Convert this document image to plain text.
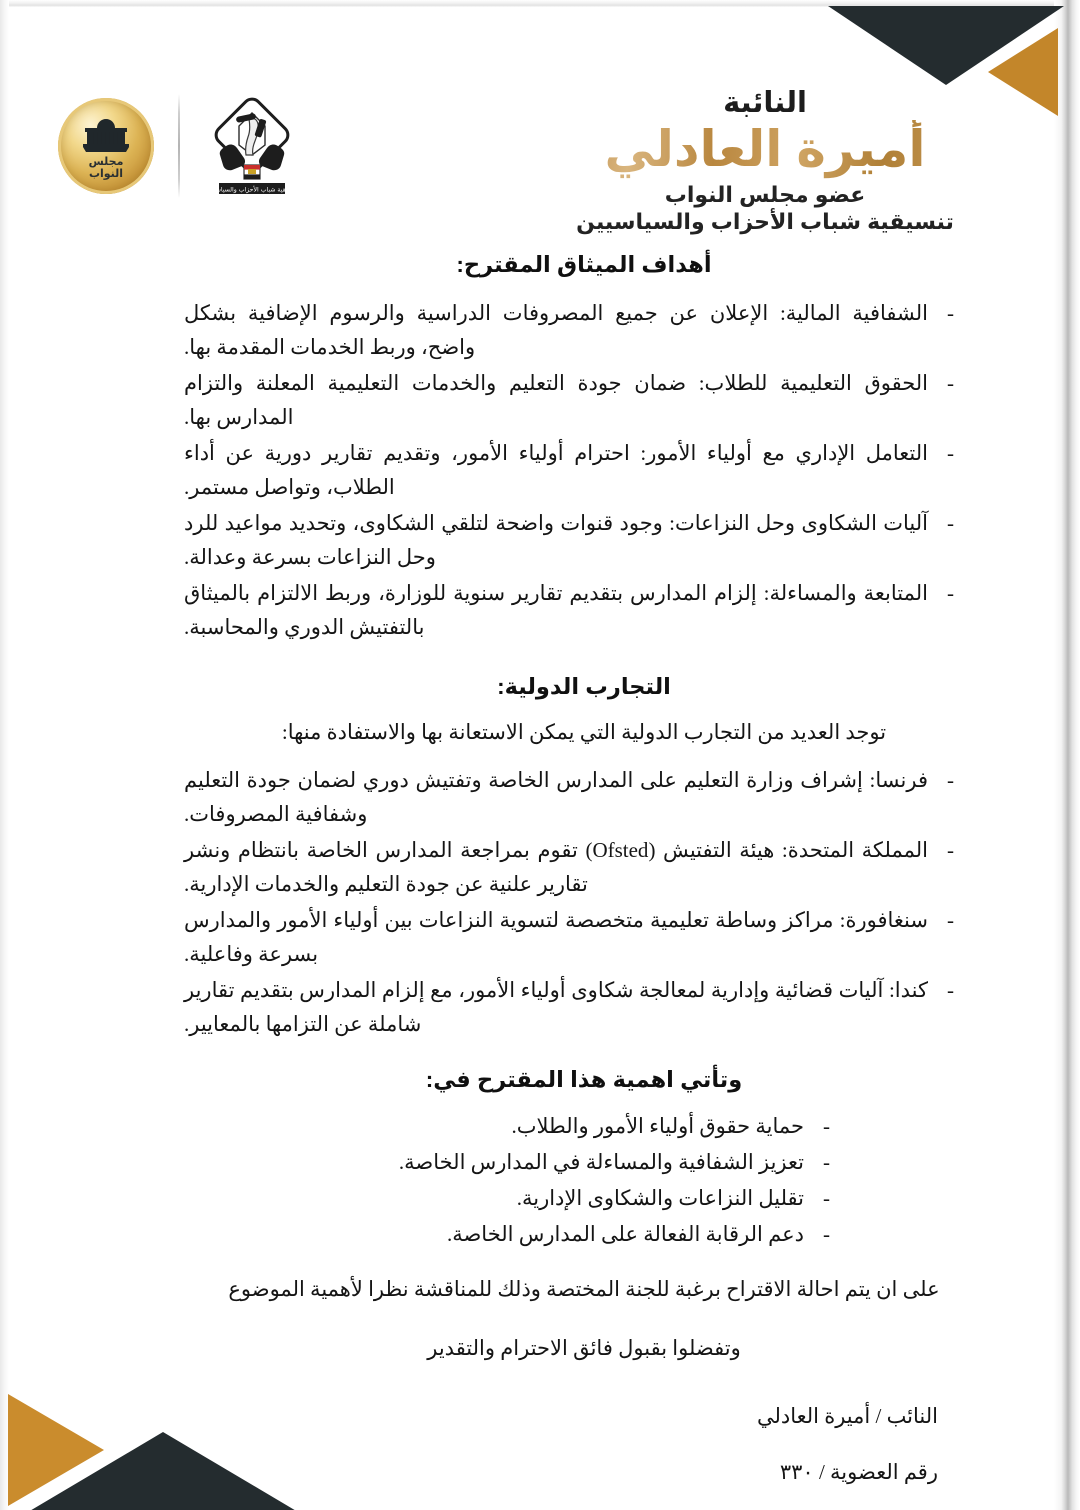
مجلس
النواب
تنسيقية شباب الأحزاب والسياسيين
النائبة
أميرة العادلي
عضو مجلس النواب
تنسيقية شباب الأحزاب والسياسيين
أهداف الميثاق المقترح:
- الشفافية المالية: الإعلان عن جميع المصروفات الدراسية والرسوم الإضافية بشكل واضح، وربط الخدمات المقدمة بها.
- الحقوق التعليمية للطلاب: ضمان جودة التعليم والخدمات التعليمية المعلنة والتزام المدارس بها.
- التعامل الإداري مع أولياء الأمور: احترام أولياء الأمور، وتقديم تقارير دورية عن أداء الطلاب، وتواصل مستمر.
- آليات الشكاوى وحل النزاعات: وجود قنوات واضحة لتلقي الشكاوى، وتحديد مواعيد للرد وحل النزاعات بسرعة وعدالة.
- المتابعة والمساءلة: إلزام المدارس بتقديم تقارير سنوية للوزارة، وربط الالتزام بالميثاق بالتفتيش الدوري والمحاسبة.
التجارب الدولية:

توجد العديد من التجارب الدولية التي يمكن الاستعانة بها والاستفادة منها:

- فرنسا: إشراف وزارة التعليم على المدارس الخاصة وتفتيش دوري لضمان جودة التعليم وشفافية المصروفات.
- المملكة المتحدة: هيئة التفتيش (Ofsted) تقوم بمراجعة المدارس الخاصة بانتظام ونشر تقارير علنية عن جودة التعليم والخدمات الإدارية.
- سنغافورة: مراكز وساطة تعليمية متخصصة لتسوية النزاعات بين أولياء الأمور والمدارس بسرعة وفاعلية.
- كندا: آليات قضائية وإدارية لمعالجة شكاوى أولياء الأمور، مع إلزام المدارس بتقديم تقارير شاملة عن التزامها بالمعايير.
وتأتي اهمية هذا المقترح في:
- حماية حقوق أولياء الأمور والطلاب.
- تعزيز الشفافية والمساءلة في المدارس الخاصة.
- تقليل النزاعات والشكاوى الإدارية.
- دعم الرقابة الفعالة على المدارس الخاصة.

على ان يتم احالة الاقتراح برغبة للجنة المختصة وذلك للمناقشة نظرا لأهمية الموضوع

وتفضلوا بقبول فائق الاحترام والتقدير

النائب / أميرة العادلي
رقم العضوية / ٣٣٠
